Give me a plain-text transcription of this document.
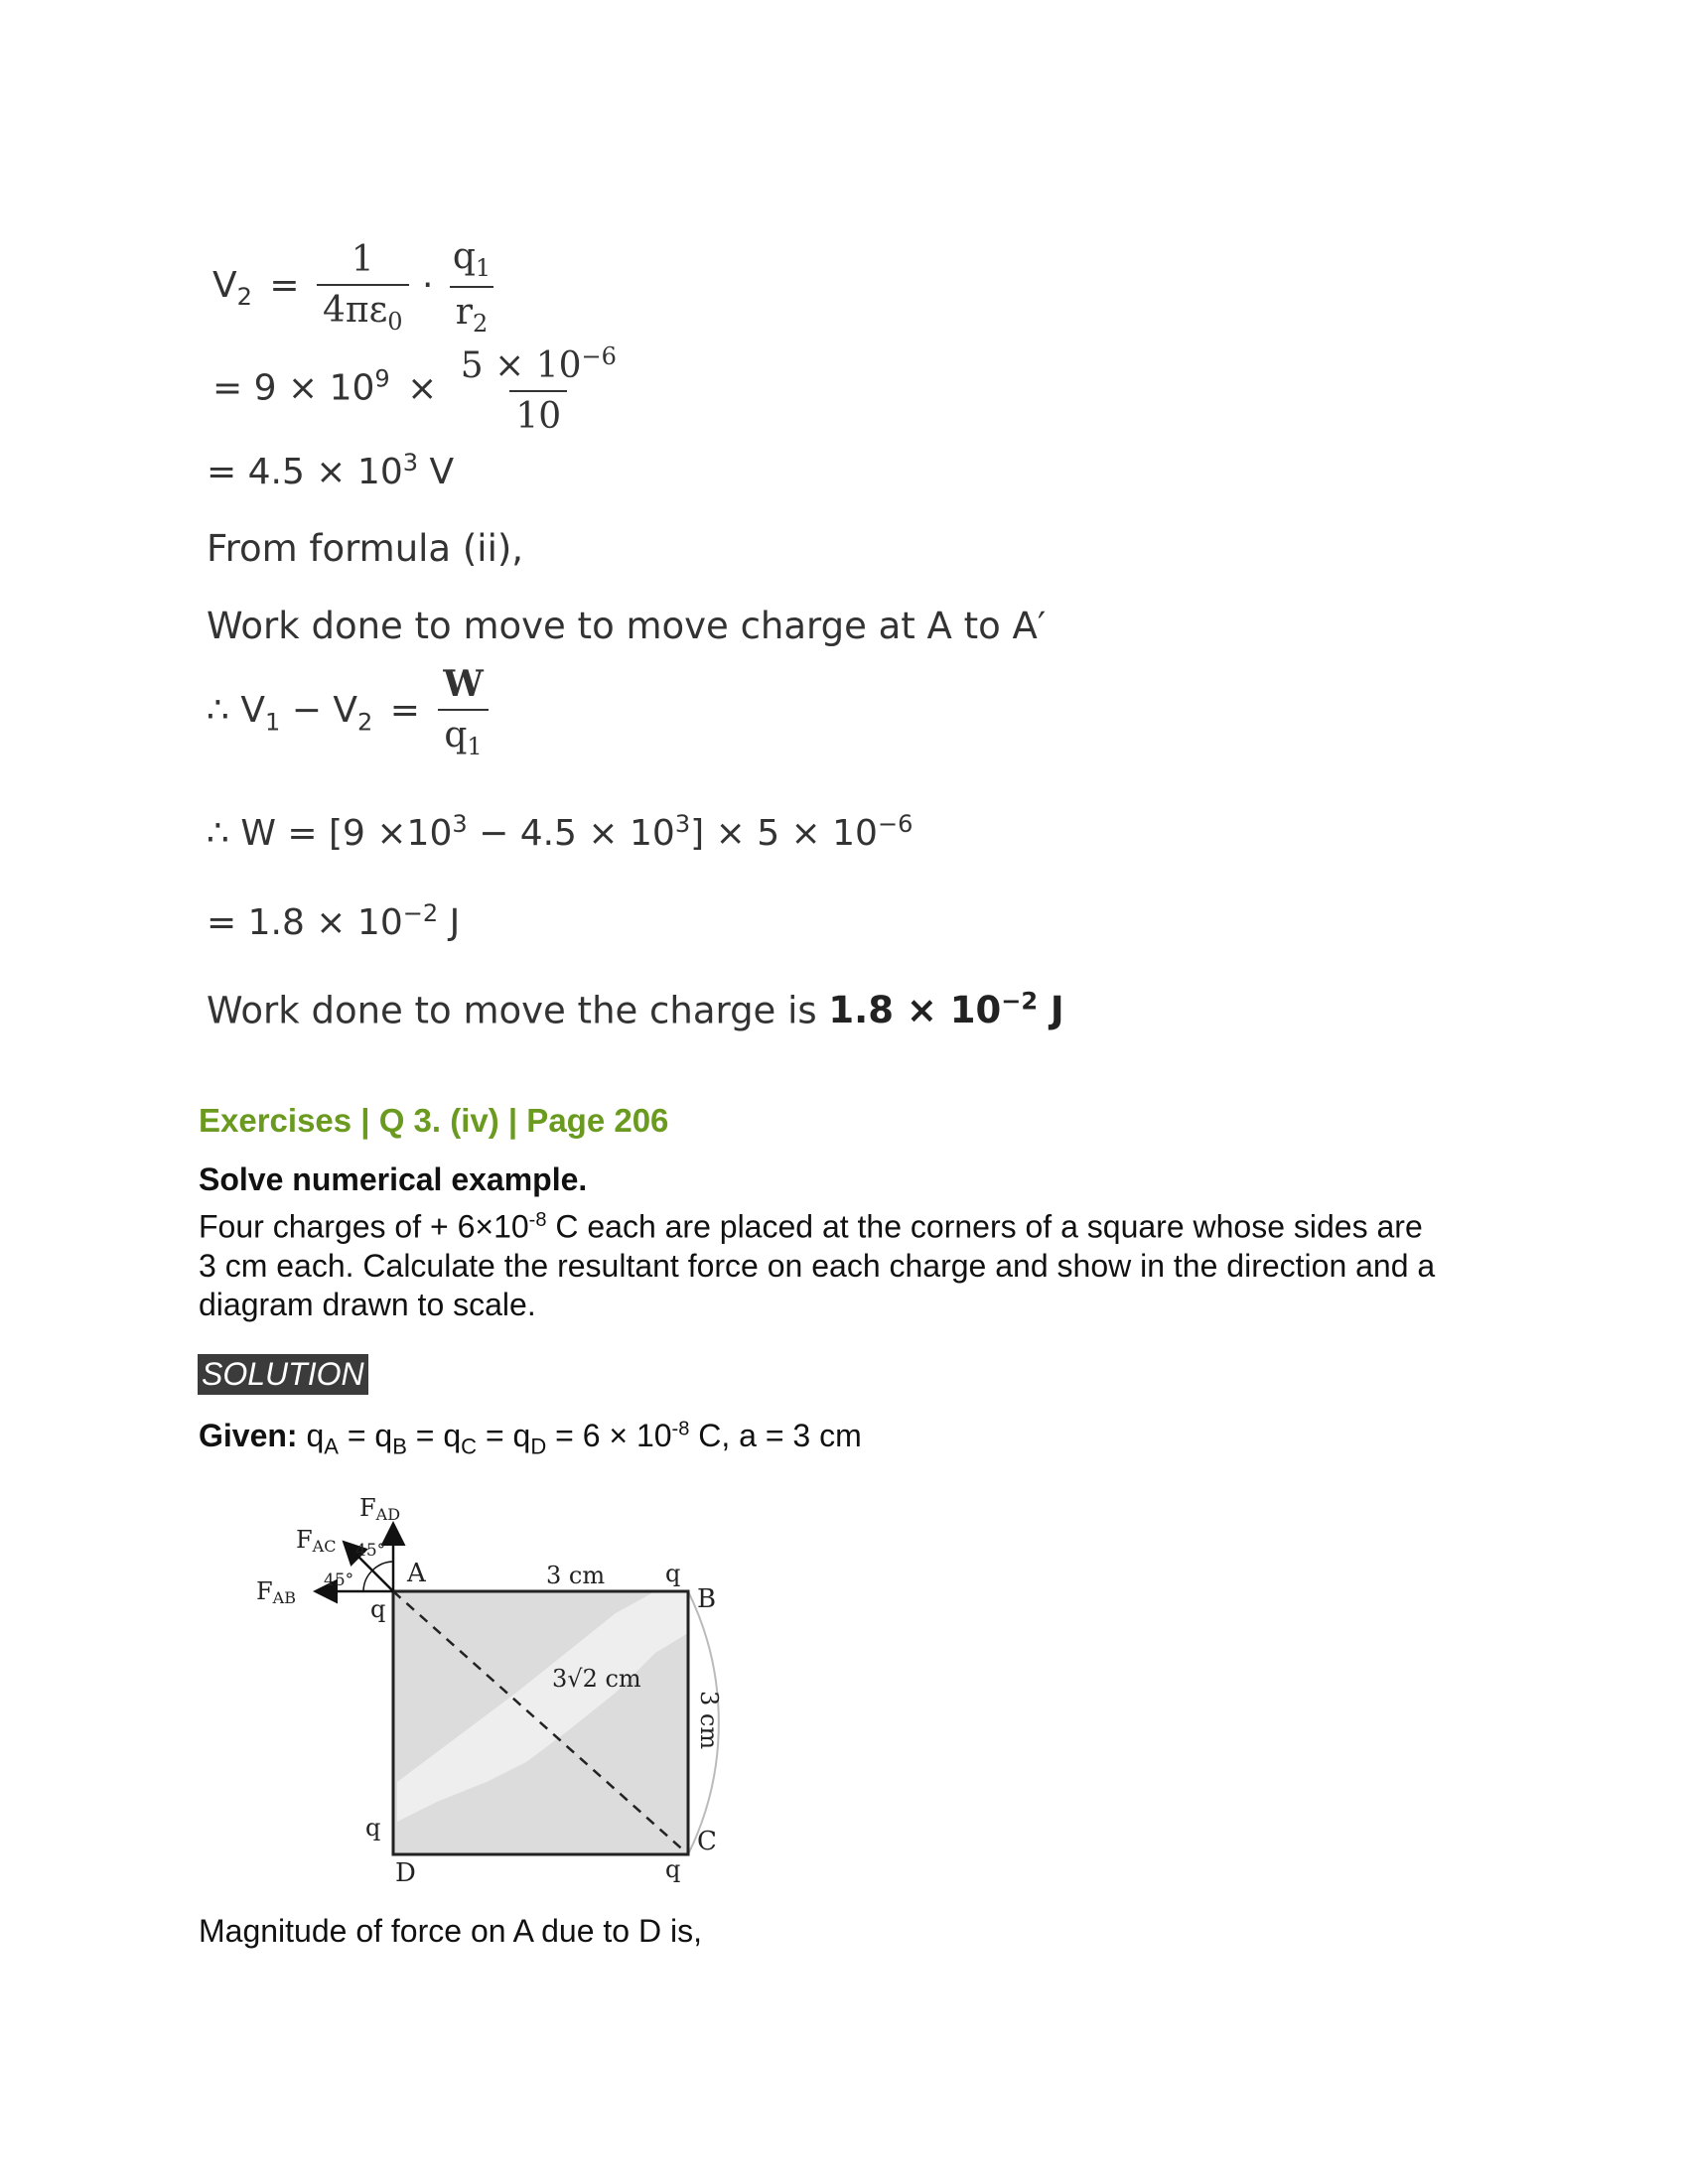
$V_2 = \frac{1}{4\pi\varepsilon_0} \cdot \frac{q_1}{r_2}$
= $9 \times 10^9 \times \frac{5 \times 10^{-6}}{10}$
= $4.5 \times 10^3$ V
From formula (ii),
Work done to move to move charge at A to A′
∴ $V_1 - V_2 = \frac{W}{q_1}$
∴ $W = [9 \times 10^3 - 4.5 \times 10^3] \times 5 \times 10^{-6}$
= $1.8 \times 10^{-2}$ J
Work done to move the charge is $1.8 \times 10^{-2}$ J
Exercises | Q 3. (iv) | Page 206
Solve numerical example.
Four charges of + $6\times 10^{-8}$ C each are placed at the corners of a square whose sides are
3 cm each. Calculate the resultant force on each charge and show in the direction and a
diagram drawn to scale.
SOLUTION
Given: $q_A = q_B = q_C = q_D = 6 \times 10^{-8}$ C, a = 3 cm
FAD
FAC
FAB
45°
45° A
B
C
D
q
q
q
q
3 cm
3 cm
3√2 cm
Magnitude of force on A due to D is,
